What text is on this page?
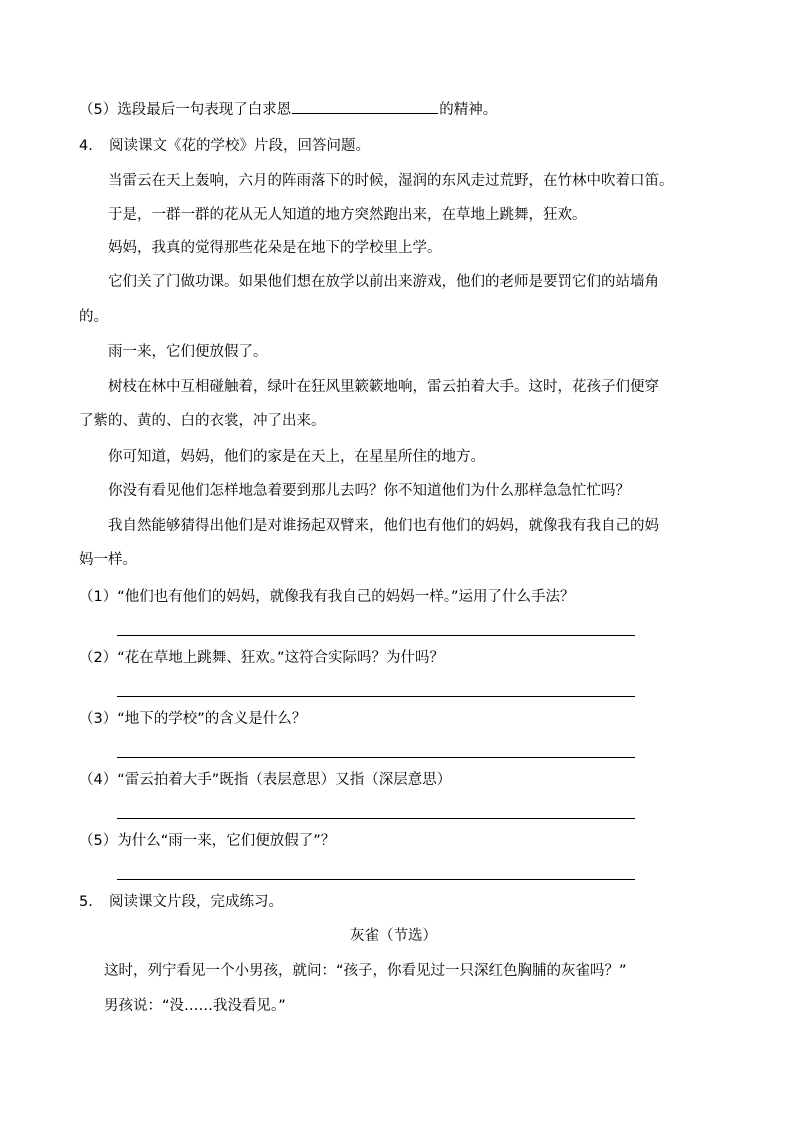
（5）选段最后一句表现了白求恩	的精神。
4. 阅读课文《花的学校》片段，回答问题。
当雷云在天上轰响，六月的阵雨落下的时候，湿润的东风走过荒野，在竹林中吹着口笛。
于是，一群一群的花从无人知道的地方突然跑出来，在草地上跳舞，狂欢。
妈妈，我真的觉得那些花朵是在地下的学校里上学。
它们关了门做功课。如果他们想在放学以前出来游戏，他们的老师是要罚它们的站墙角
的。
雨一来，它们便放假了。
树枝在林中互相碰触着，绿叶在狂风里簌簌地响，雷云拍着大手。这时，花孩子们便穿
了紫的、黄的、白的衣裳，冲了出来。
你可知道，妈妈，他们的家是在天上，在星星所住的地方。
你没有看见他们怎样地急着要到那儿去吗？你不知道他们为什么那样急急忙忙吗？
我自然能够猜得出他们是对谁扬起双臂来，他们也有他们的妈妈，就像我有我自己的妈
妈一样。
（1）“他们也有他们的妈妈，就像我有我自己的妈妈一样。”运用了什么手法？
（2）“花在草地上跳舞、狂欢。”这符合实际吗？为什吗？
（3）“地下的学校”的含义是什么？
（4）“雷云拍着大手”既指（表层意思）又指（深层意思）
（5）为什么“雨一来，它们便放假了”？
5. 阅读课文片段，完成练习。
灰雀（节选）
这时，列宁看见一个小男孩，就问：“孩子，你看见过一只深红色胸脯的灰雀吗？”
男孩说：“没……我没看见。”
